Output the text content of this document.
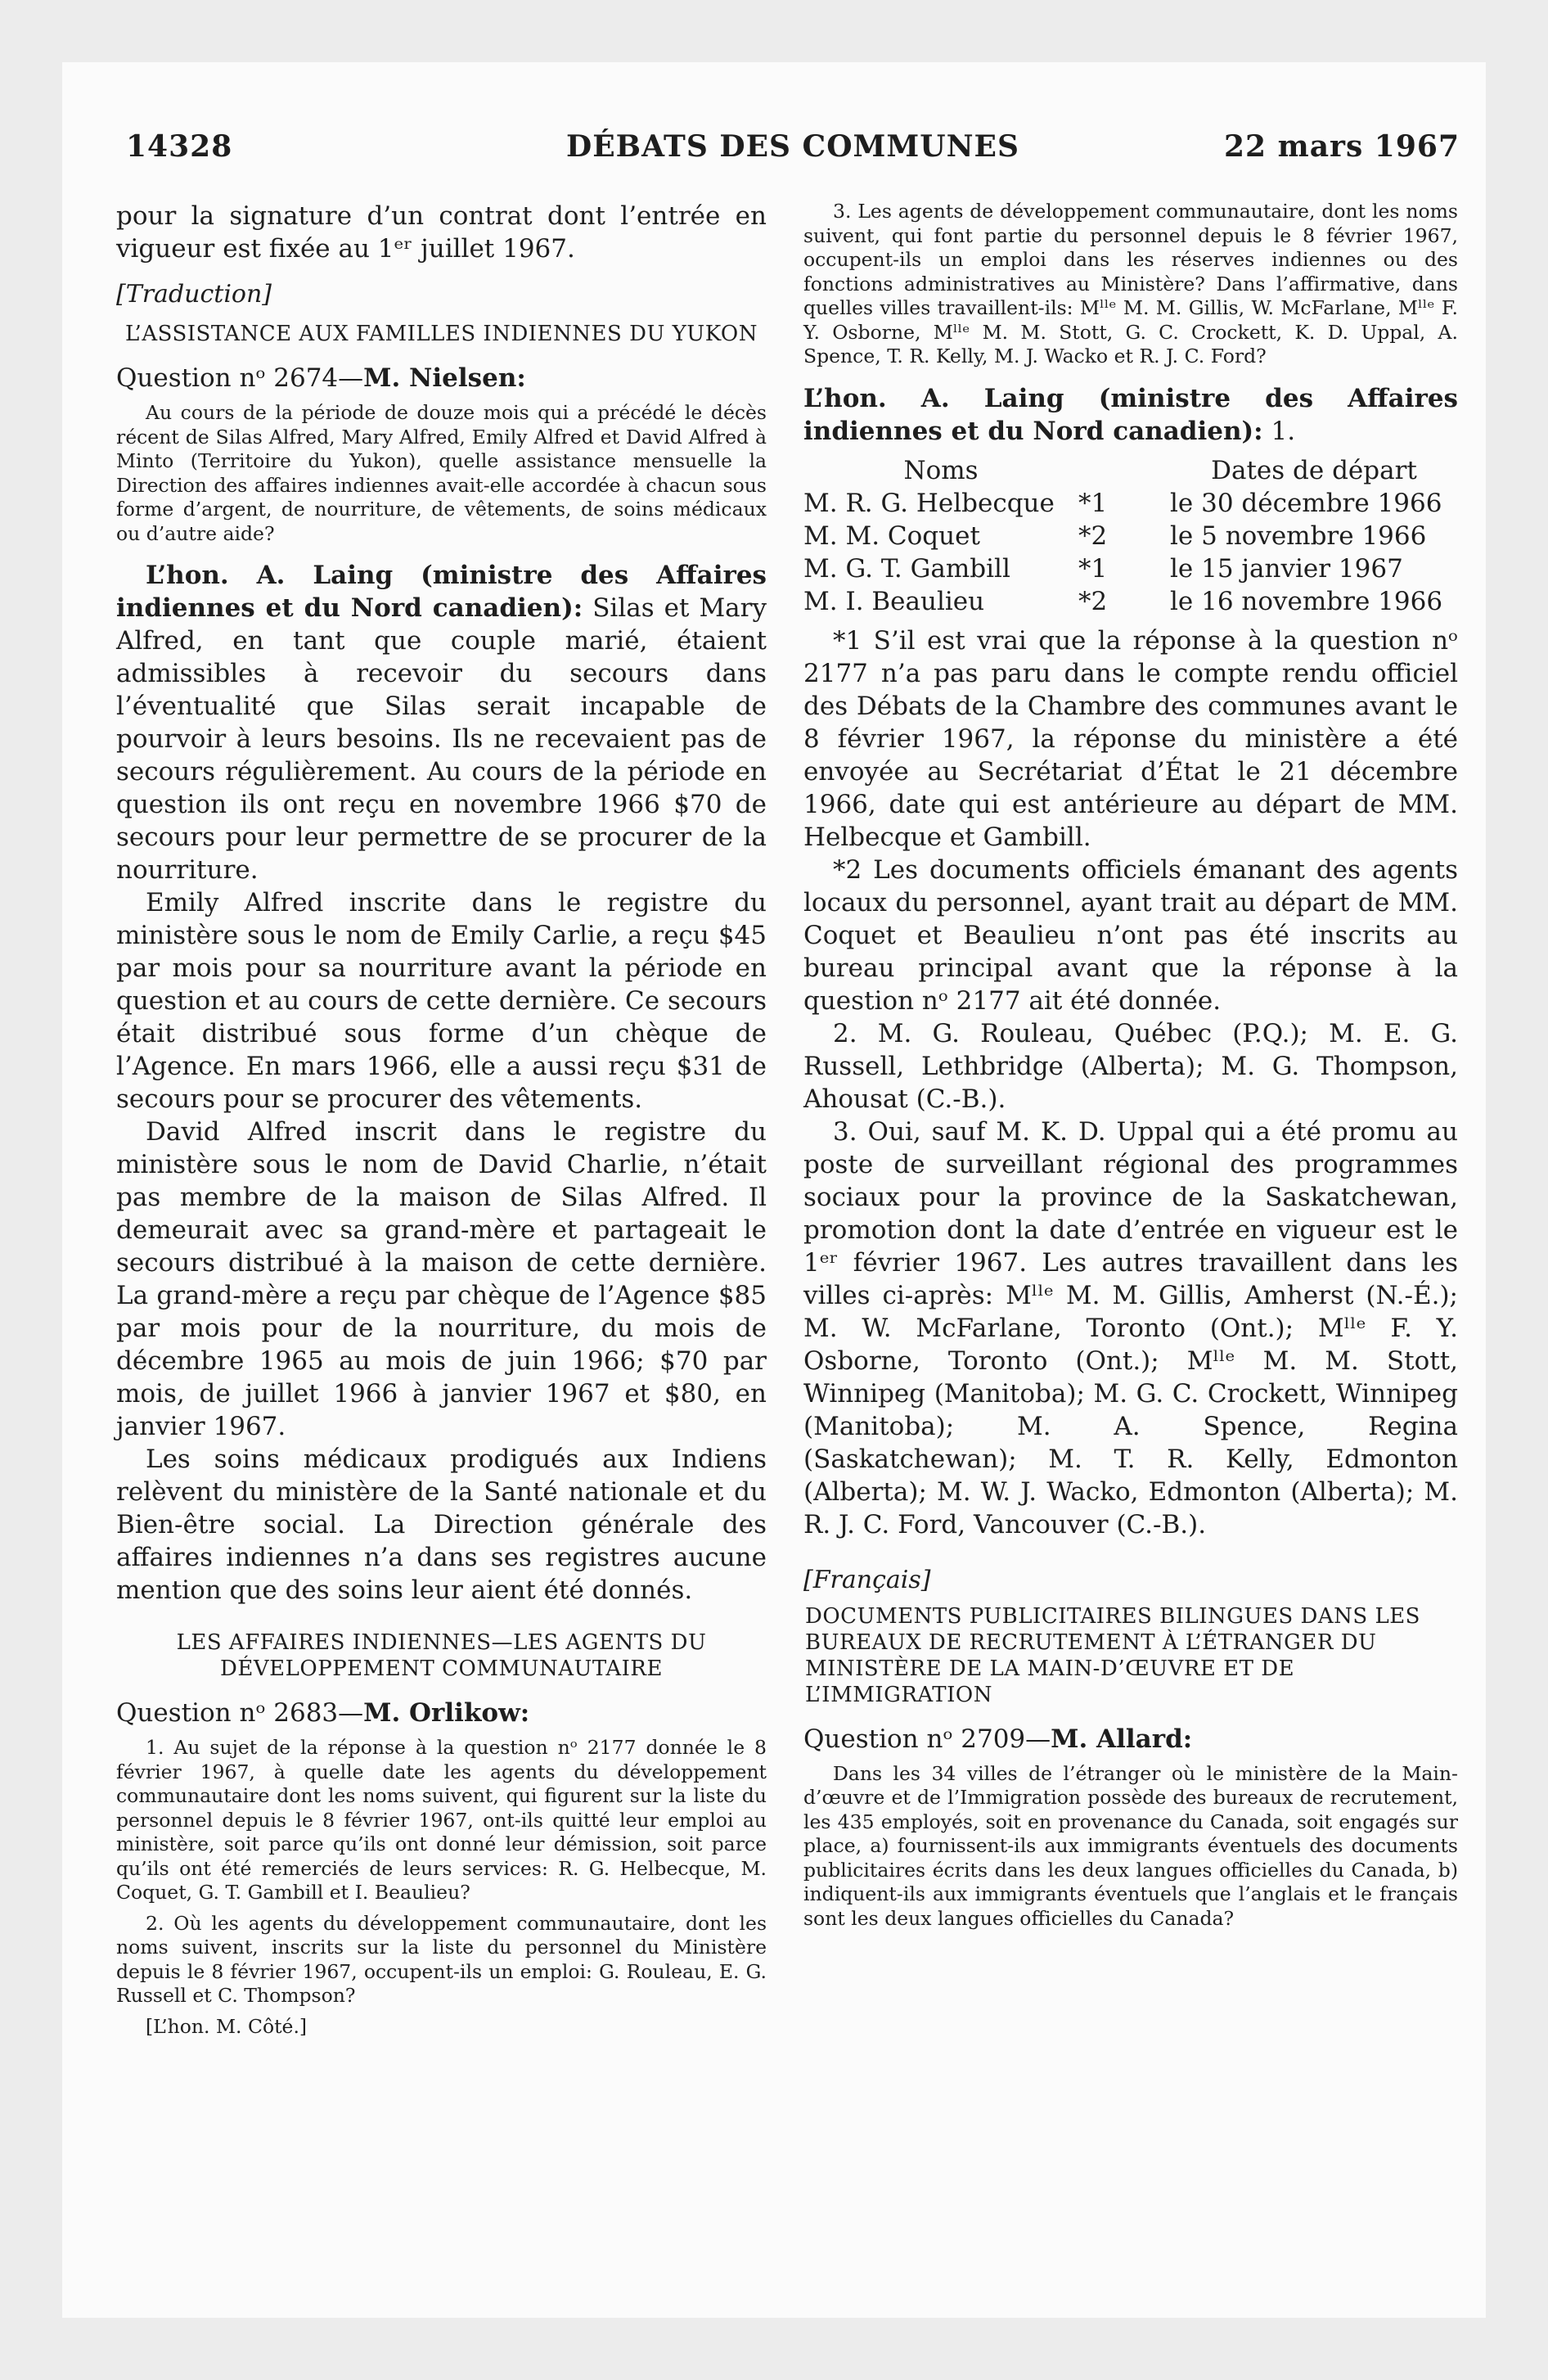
DÉBATS DES COMMUNES
14328	22 mars 1967

pour la signature d’un contrat dont l’entrée en vigueur est fixée au 1ᵉʳ juillet 1967.

[Traduction]

L’ASSISTANCE AUX FAMILLES INDIENNES DU YUKON

Question nᵒ 2674—M. Nielsen:

Au cours de la période de douze mois qui a précédé le décès récent de Silas Alfred, Mary Alfred, Emily Alfred et David Alfred à Minto (Territoire du Yukon), quelle assistance mensuelle la Direction des affaires indiennes avait-elle accordée à chacun sous forme d’argent, de nourriture, de vêtements, de soins médicaux ou d’autre aide?

L’hon. A. Laing (ministre des Affaires indiennes et du Nord canadien): Silas et Mary Alfred, en tant que couple marié, étaient admissibles à recevoir du secours dans l’éventualité que Silas serait incapable de pourvoir à leurs besoins. Ils ne recevaient pas de secours régulièrement. Au cours de la période en question ils ont reçu en novembre 1966 $70 de secours pour leur permettre de se procurer de la nourriture.

Emily Alfred inscrite dans le registre du ministère sous le nom de Emily Carlie, a reçu $45 par mois pour sa nourriture avant la période en question et au cours de cette dernière. Ce secours était distribué sous forme d’un chèque de l’Agence. En mars 1966, elle a aussi reçu $31 de secours pour se procurer des vêtements.

David Alfred inscrit dans le registre du ministère sous le nom de David Charlie, n’était pas membre de la maison de Silas Alfred. Il demeurait avec sa grand-mère et partageait le secours distribué à la maison de cette dernière. La grand-mère a reçu par chèque de l’Agence $85 par mois pour de la nourriture, du mois de décembre 1965 au mois de juin 1966; $70 par mois, de juillet 1966 à janvier 1967 et $80, en janvier 1967.

Les soins médicaux prodigués aux Indiens relèvent du ministère de la Santé nationale et du Bien-être social. La Direction générale des affaires indiennes n’a dans ses registres aucune mention que des soins leur aient été donnés.

LES AFFAIRES INDIENNES—LES AGENTS DU DÉVELOPPEMENT COMMUNAUTAIRE

Question nᵒ 2683—M. Orlikow:

1. Au sujet de la réponse à la question nᵒ 2177 donnée le 8 février 1967, à quelle date les agents du développement communautaire dont les noms suivent, qui figurent sur la liste du personnel depuis le 8 février 1967, ont-ils quitté leur emploi au ministère, soit parce qu’ils ont donné leur démission, soit parce qu’ils ont été remerciés de leurs services: R. G. Helbecque, M. Coquet, G. T. Gambill et I. Beaulieu?

2. Où les agents du développement communautaire, dont les noms suivent, inscrits sur la liste du personnel du Ministère depuis le 8 février 1967, occupent-ils un emploi: G. Rouleau, E. G. Russell et C. Thompson?

[L’hon. M. Côté.]

3. Les agents de développement communautaire, dont les noms suivent, qui font partie du personnel depuis le 8 février 1967, occupent-ils un emploi dans les réserves indiennes ou des fonctions administratives au Ministère? Dans l’affirmative, dans quelles villes travaillent-ils: Mˡˡᵉ M. M. Gillis, W. McFarlane, Mˡˡᵉ F. Y. Osborne, Mˡˡᵉ M. M. Stott, G. C. Crockett, K. D. Uppal, A. Spence, T. R. Kelly, M. J. Wacko et R. J. C. Ford?

L’hon. A. Laing (ministre des Affaires indiennes et du Nord canadien): 1.

Noms		Dates de départ
M. R. G. Helbecque	*1	le 30 décembre 1966
M. M. Coquet	*2	le 5 novembre 1966
M. G. T. Gambill	*1	le 15 janvier 1967
M. I. Beaulieu	*2	le 16 novembre 1966

*1 S’il est vrai que la réponse à la question nᵒ 2177 n’a pas paru dans le compte rendu officiel des Débats de la Chambre des communes avant le 8 février 1967, la réponse du ministère a été envoyée au Secrétariat d’État le 21 décembre 1966, date qui est antérieure au départ de MM. Helbecque et Gambill.

*2 Les documents officiels émanant des agents locaux du personnel, ayant trait au départ de MM. Coquet et Beaulieu n’ont pas été inscrits au bureau principal avant que la réponse à la question nᵒ 2177 ait été donnée.

2. M. G. Rouleau, Québec (P.Q.); M. E. G. Russell, Lethbridge (Alberta); M. G. Thompson, Ahousat (C.-B.).

3. Oui, sauf M. K. D. Uppal qui a été promu au poste de surveillant régional des programmes sociaux pour la province de la Saskatchewan, promotion dont la date d’entrée en vigueur est le 1ᵉʳ février 1967. Les autres travaillent dans les villes ci-après: Mˡˡᵉ M. M. Gillis, Amherst (N.-É.); M. W. McFarlane, Toronto (Ont.); Mˡˡᵉ F. Y. Osborne, Toronto (Ont.); Mˡˡᵉ M. M. Stott, Winnipeg (Manitoba); M. G. C. Crockett, Winnipeg (Manitoba); M. A. Spence, Regina (Saskatchewan); M. T. R. Kelly, Edmonton (Alberta); M. W. J. Wacko, Edmonton (Alberta); M. R. J. C. Ford, Vancouver (C.-B.).

[Français]

DOCUMENTS PUBLICITAIRES BILINGUES DANS LES BUREAUX DE RECRUTEMENT À L’ÉTRANGER DU MINISTÈRE DE LA MAIN-D’ŒUVRE ET DE L’IMMIGRATION

Question nᵒ 2709—M. Allard:

Dans les 34 villes de l’étranger où le ministère de la Main-d’œuvre et de l’Immigration possède des bureaux de recrutement, les 435 employés, soit en provenance du Canada, soit engagés sur place, a) fournissent-ils aux immigrants éventuels des documents publicitaires écrits dans les deux langues officielles du Canada, b) indiquent-ils aux immigrants éventuels que l’anglais et le français sont les deux langues officielles du Canada?
